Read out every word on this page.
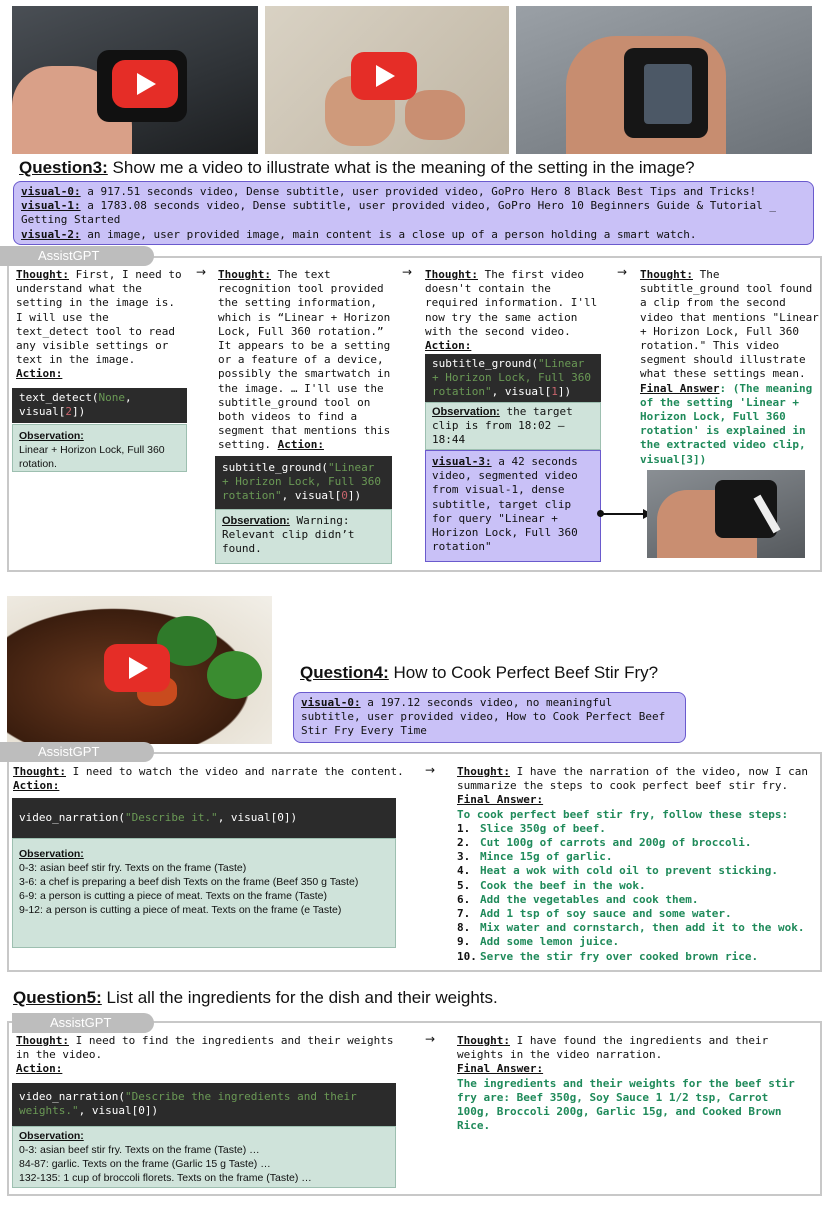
Question3: Show me a video to illustrate what is the meaning of the setting in the image?
visual-0: a 917.51 seconds video, Dense subtitle, user provided video, GoPro Hero 8 Black Best Tips and Tricks!
visual-1: a 1783.08 seconds video, Dense subtitle, user provided video, GoPro Hero 10 Beginners Guide & Tutorial _ Getting Started
visual-2: an image, user provided image, main content is a close up of a person holding a smart watch.
AssistGPT
Thought: First, I need to understand what the setting in the image is. I will use the text_detect tool to read any visible settings or text in the image.
Action:
text_detect(None, visual[2])
Observation:
Linear + Horizon Lock, Full 360 rotation.
→ Thought: The text recognition tool provided the setting information, which is “Linear + Horizon Lock, Full 360 rotation.” It appears to be a setting or a feature of a device, possibly the smartwatch in the image. … I'll use the subtitle_ground tool on both videos to find a segment that mentions this setting. Action:
subtitle_ground("Linear + Horizon Lock, Full 360 rotation", visual[0])
Observation: Warning: Relevant clip didn’t found.
→ Thought: The first video doesn't contain the required information. I'll now try the same action with the second video.
Action:
subtitle_ground("Linear + Horizon Lock, Full 360 rotation", visual[1])
Observation: the target clip is from 18:02 – 18:44
visual-3: a 42 seconds video, segmented video from visual-1, dense subtitle, target clip for query "Linear + Horizon Lock, Full 360 rotation"
→ Thought: The subtitle_ground tool found a clip from the second video that mentions "Linear + Horizon Lock, Full 360 rotation." This video segment should illustrate what these settings mean.
Final Answer: (The meaning of the setting 'Linear + Horizon Lock, Full 360 rotation' is explained in the extracted video clip, visual[3])
Question4: How to Cook Perfect Beef Stir Fry?
visual-0: a 197.12 seconds video, no meaningful subtitle, user provided video, How to Cook Perfect Beef Stir Fry Every Time
AssistGPT
Thought: I need to watch the video and narrate the content.
Action:
video_narration("Describe it.", visual[0])
Observation:

0-3: asian beef stir fry. Texts on the frame (Taste)
3-6: a chef is preparing a beef dish Texts on the frame (Beef 350 g Taste)
6-9: a person is cutting a piece of meat. Texts on the frame (Taste)
9-12: a person is cutting a piece of meat. Texts on the frame (e Taste)
→ Thought: I have the narration of the video, now I can summarize the steps to cook perfect beef stir fry.
Final Answer:
To cook perfect beef stir fry, follow these steps:
1. Slice 350g of beef.
2. Cut 100g of carrots and 200g of broccoli.
3. Mince 15g of garlic.
4. Heat a wok with cold oil to prevent sticking.
5. Cook the beef in the wok.
6. Add the vegetables and cook them.
7. Add 1 tsp of soy sauce and some water.
8. Mix water and cornstarch, then add it to the wok.
9. Add some lemon juice.
10. Serve the stir fry over cooked brown rice.
Question5: List all the ingredients for the dish and their weights.
AssistGPT
Thought: I need to find the ingredients and their weights in the video.
Action:
video_narration("Describe the ingredients and their weights.", visual[0])
Observation:

0-3: asian beef stir fry. Texts on the frame (Taste) …
84-87: garlic. Texts on the frame (Garlic 15 g Taste) …
132-135: 1 cup of broccoli florets. Texts on the frame (Taste) …
→ Thought: I have found the ingredients and their weights in the video narration.
Final Answer:
The ingredients and their weights for the beef stir fry are: Beef 350g, Soy Sauce 1 1/2 tsp, Carrot 100g, Broccoli 200g, Garlic 15g, and Cooked Brown Rice.
